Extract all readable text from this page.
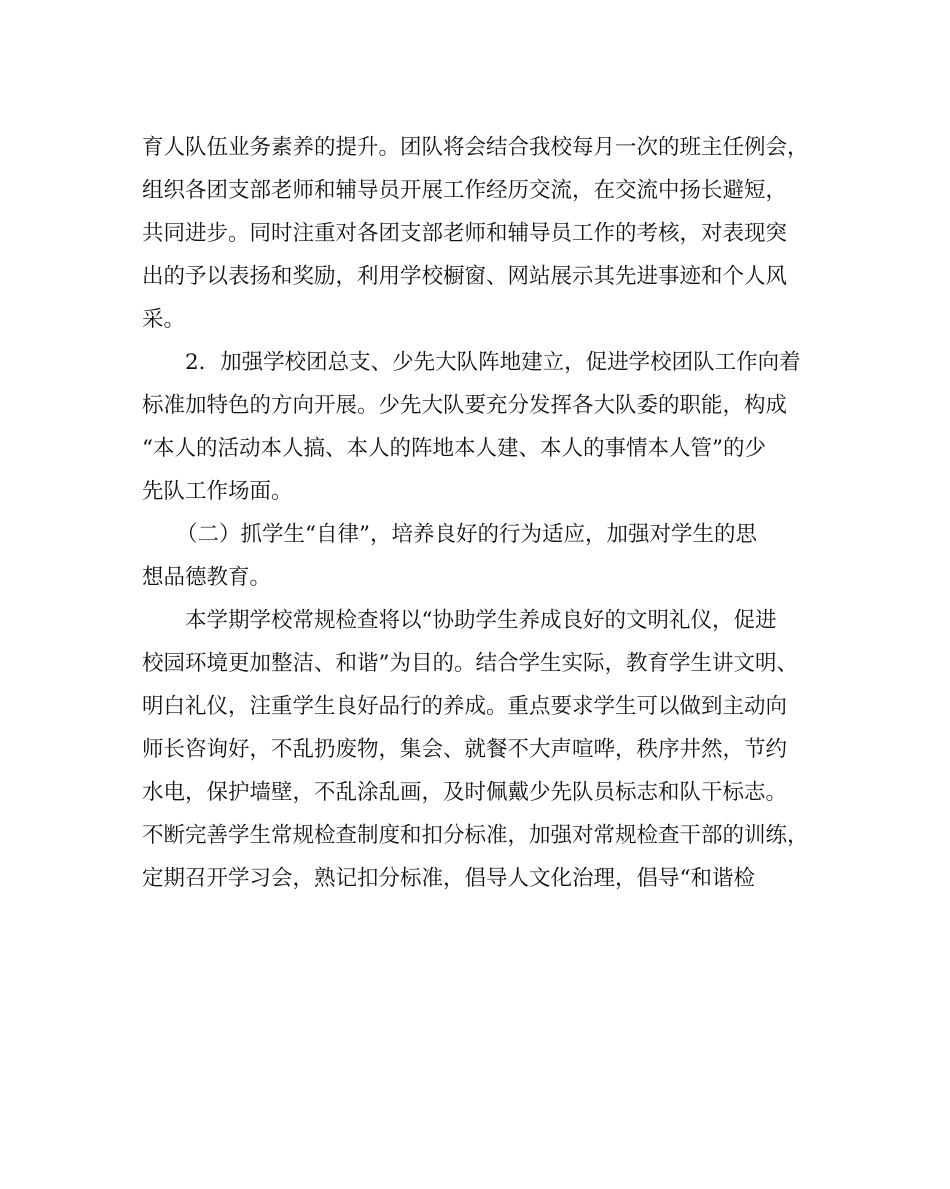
育人队伍业务素养的提升。团队将会结合我校每月一次的班主任例会，
组织各团支部老师和辅导员开展工作经历交流，在交流中扬长避短，
共同进步。同时注重对各团支部老师和辅导员工作的考核，对表现突
出的予以表扬和奖励，利用学校橱窗、网站展示其先进事迹和个人风
采。
2．加强学校团总支、少先大队阵地建立，促进学校团队工作向着
标准加特色的方向开展。少先大队要充分发挥各大队委的职能，构成
“本人的活动本人搞、本人的阵地本人建、本人的事情本人管”的少
先队工作场面。
（二）抓学生“自律”，培养良好的行为适应，加强对学生的思
想品德教育。
本学期学校常规检查将以“协助学生养成良好的文明礼仪，促进
校园环境更加整洁、和谐”为目的。结合学生实际，教育学生讲文明、
明白礼仪，注重学生良好品行的养成。重点要求学生可以做到主动向
师长咨询好，不乱扔废物，集会、就餐不大声喧哗，秩序井然，节约
水电，保护墙壁，不乱涂乱画，及时佩戴少先队员标志和队干标志。
不断完善学生常规检查制度和扣分标准，加强对常规检查干部的训练，
定期召开学习会，熟记扣分标准，倡导人文化治理，倡导“和谐检
